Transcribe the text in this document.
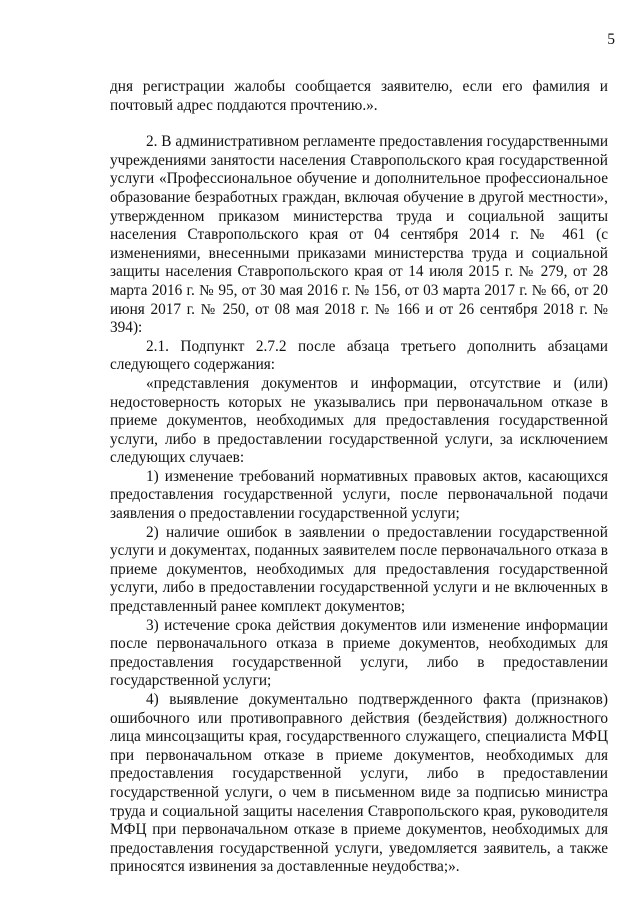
5

дня регистрации жалобы сообщается заявителю, если его фамилия и почтовый адрес поддаются прочтению.».

2. В административном регламенте предоставления государственными учреждениями занятости населения Ставропольского края государственной услуги «Профессиональное обучение и дополнительное профессиональное образование безработных граждан, включая обучение в другой местности», утвержденном приказом министерства труда и социальной защиты населения Ставропольского края от 04 сентября 2014 г. № 461 (с изменениями, внесенными приказами министерства труда и социальной защиты населения Ставропольского края от 14 июля 2015 г. № 279, от 28 марта 2016 г. № 95, от 30 мая 2016 г. № 156, от 03 марта 2017 г. № 66, от 20 июня 2017 г. № 250, от 08 мая 2018 г. № 166 и от 26 сентября 2018 г. № 394):

2.1. Подпункт 2.7.2 после абзаца третьего дополнить абзацами следующего содержания:

«представления документов и информации, отсутствие и (или) недостоверность которых не указывались при первоначальном отказе в приеме документов, необходимых для предоставления государственной услуги, либо в предоставлении государственной услуги, за исключением следующих случаев:

1) изменение требований нормативных правовых актов, касающихся предоставления государственной услуги, после первоначальной подачи заявления о предоставлении государственной услуги;

2) наличие ошибок в заявлении о предоставлении государственной услуги и документах, поданных заявителем после первоначального отказа в приеме документов, необходимых для предоставления государственной услуги, либо в предоставлении государственной услуги и не включенных в представленный ранее комплект документов;

3) истечение срока действия документов или изменение информации после первоначального отказа в приеме документов, необходимых для предоставления государственной услуги, либо в предоставлении государственной услуги;

4) выявление документально подтвержденного факта (признаков) ошибочного или противоправного действия (бездействия) должностного лица минсоцзащиты края, государственного служащего, специалиста МФЦ при первоначальном отказе в приеме документов, необходимых для предоставления государственной услуги, либо в предоставлении государственной услуги, о чем в письменном виде за подписью министра труда и социальной защиты населения Ставропольского края, руководителя МФЦ при первоначальном отказе в приеме документов, необходимых для предоставления государственной услуги, уведомляется заявитель, а также приносятся извинения за доставленные неудобства;».
